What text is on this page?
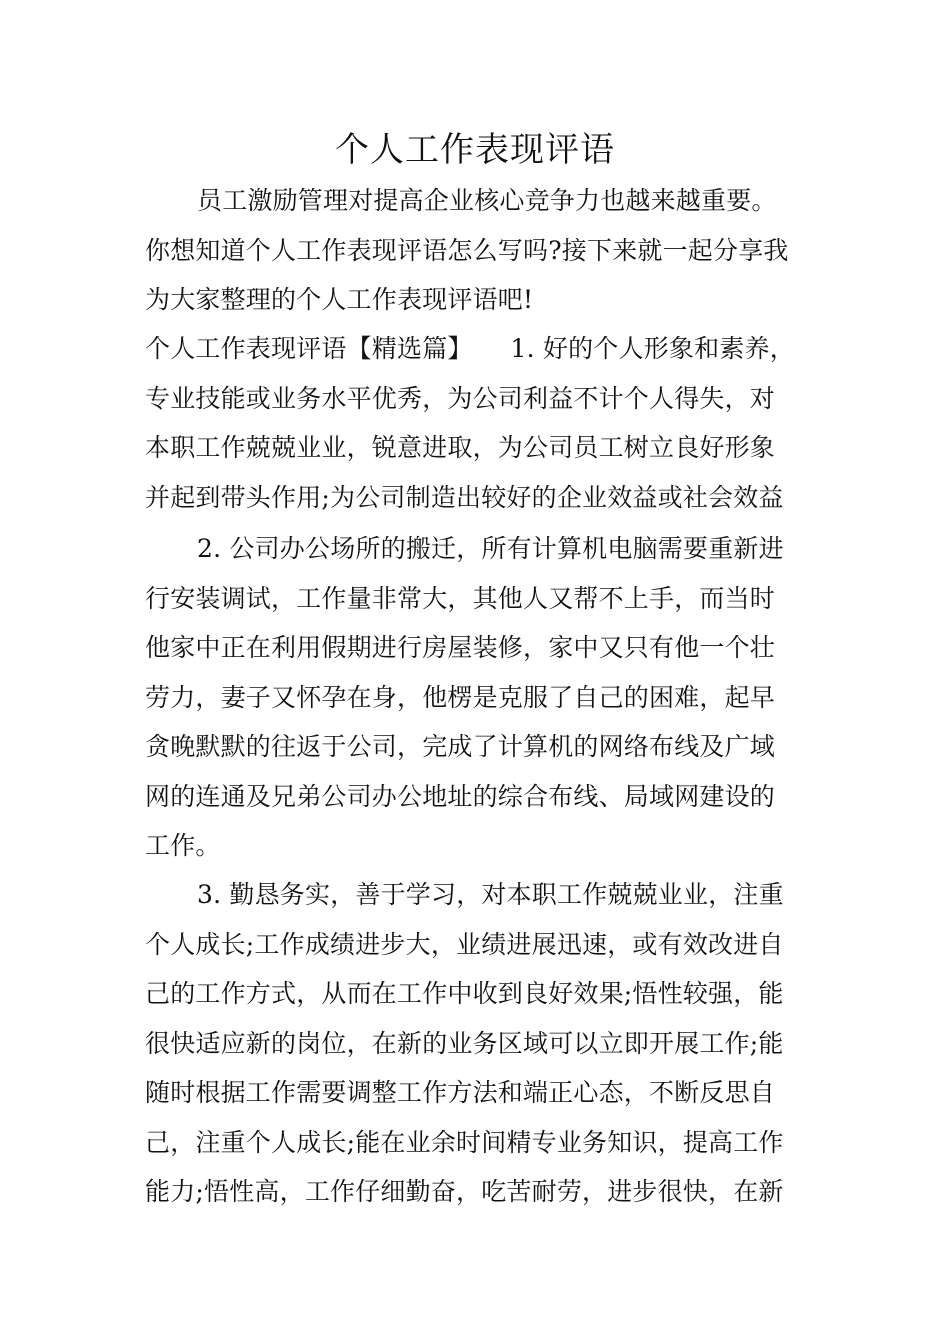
个人工作表现评语
员工激励管理对提高企业核心竞争力也越来越重要。
你想知道个人工作表现评语怎么写吗?接下来就一起分享我
为大家整理的个人工作表现评语吧!
个人工作表现评语【精选篇】　　1. 好的个人形象和素养，
专业技能或业务水平优秀，为公司利益不计个人得失，对
本职工作兢兢业业，锐意进取，为公司员工树立良好形象
并起到带头作用;为公司制造出较好的企业效益或社会效益
2. 公司办公场所的搬迁，所有计算机电脑需要重新进
行安装调试，工作量非常大，其他人又帮不上手，而当时
他家中正在利用假期进行房屋装修，家中又只有他一个壮
劳力，妻子又怀孕在身，他楞是克服了自己的困难，起早
贪晚默默的往返于公司，完成了计算机的网络布线及广域
网的连通及兄弟公司办公地址的综合布线、局域网建设的
工作。
3. 勤恳务实，善于学习，对本职工作兢兢业业，注重
个人成长;工作成绩进步大，业绩进展迅速，或有效改进自
己的工作方式，从而在工作中收到良好效果;悟性较强，能
很快适应新的岗位，在新的业务区域可以立即开展工作;能
随时根据工作需要调整工作方法和端正心态，不断反思自
己，注重个人成长;能在业余时间精专业务知识，提高工作
能力;悟性高，工作仔细勤奋，吃苦耐劳，进步很快，在新
